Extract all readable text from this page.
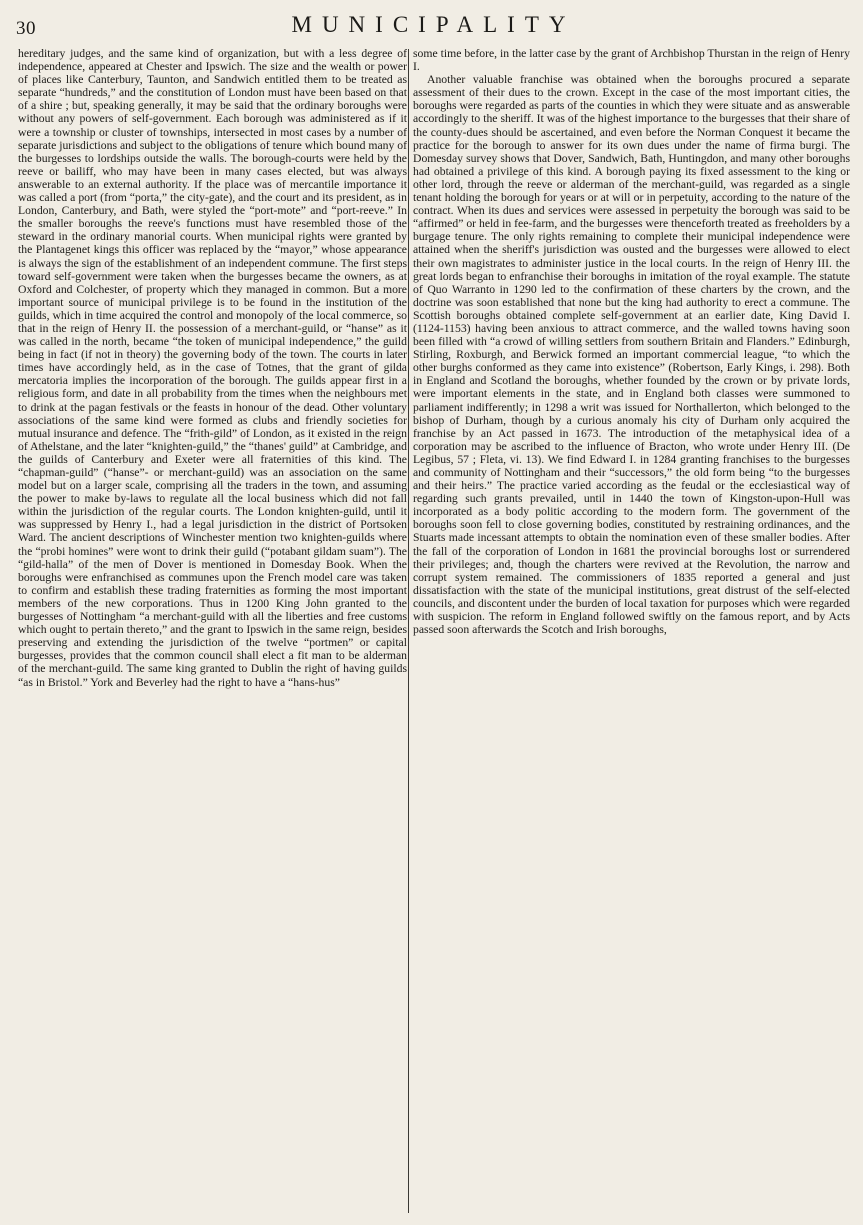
30	MUNICIPALITY

hereditary judges, and the same kind of organization, but with a less degree of independence, appeared at Chester and Ipswich. The size and the wealth or power of places like Canterbury, Taunton, and Sandwich entitled them to be treated as separate “hundreds,” and the constitution of London must have been based on that of a shire ; but, speaking generally, it may be said that the ordinary boroughs were without any powers of self-government. Each borough was administered as if it were a township or cluster of townships, intersected in most cases by a number of separate jurisdictions and subject to the obligations of tenure which bound many of the burgesses to lordships outside the walls. The borough-courts were held by the reeve or bailiff, who may have been in many cases elected, but was always answerable to an external authority. If the place was of mercantile importance it was called a port (from “porta,” the city-gate), and the court and its president, as in London, Canterbury, and Bath, were styled the “port-mote” and “port-reeve.” In the smaller boroughs the reeve's functions must have resembled those of the steward in the ordinary manorial courts. When municipal rights were granted by the Plantagenet kings this officer was replaced by the “mayor,” whose appearance is always the sign of the establishment of an independent commune. The first steps toward self-government were taken when the burgesses became the owners, as at Oxford and Colchester, of property which they managed in common. But a more important source of municipal privilege is to be found in the institution of the guilds, which in time acquired the control and monopoly of the local commerce, so that in the reign of Henry II. the possession of a merchant-guild, or “hanse” as it was called in the north, became “the token of municipal independence,” the guild being in fact (if not in theory) the governing body of the town. The courts in later times have accordingly held, as in the case of Totnes, that the grant of gilda mercatoria implies the incorporation of the borough. The guilds appear first in a religious form, and date in all probability from the times when the neighbours met to drink at the pagan festivals or the feasts in honour of the dead. Other voluntary associations of the same kind were formed as clubs and friendly societies for mutual insurance and defence. The “frith-gild” of London, as it existed in the reign of Athelstane, and the later “knighten-guild,” the “thanes' guild” at Cambridge, and the guilds of Canterbury and Exeter were all fraternities of this kind. The “chapman-guild” (“hanse”- or merchant-guild) was an association on the same model but on a larger scale, comprising all the traders in the town, and assuming the power to make by-laws to regulate all the local business which did not fall within the jurisdiction of the regular courts. The London knighten-guild, until it was suppressed by Henry I., had a legal jurisdiction in the district of Portsoken Ward. The ancient descriptions of Winchester mention two knighten-guilds where the “probi homines” were wont to drink their guild (“potabant gildam suam”). The “gild-halla” of the men of Dover is mentioned in Domesday Book. When the boroughs were enfranchised as communes upon the French model care was taken to confirm and establish these trading fraternities as forming the most important members of the new corporations. Thus in 1200 King John granted to the burgesses of Nottingham “a merchant-guild with all the liberties and free customs which ought to pertain thereto,” and the grant to Ipswich in the same reign, besides preserving and extending the jurisdiction of the twelve “portmen” or capital burgesses, provides that the common council shall elect a fit man to be alderman of the merchant-guild. The same king granted to Dublin the right of having guilds “as in Bristol.” York and Beverley had the right to have a “hans-hus”

some time before, in the latter case by the grant of Archbishop Thurstan in the reign of Henry I.

Another valuable franchise was obtained when the boroughs procured a separate assessment of their dues to the crown. Except in the case of the most important cities, the boroughs were regarded as parts of the counties in which they were situate and as answerable accordingly to the sheriff. It was of the highest importance to the burgesses that their share of the county-dues should be ascertained, and even before the Norman Conquest it became the practice for the borough to answer for its own dues under the name of firma burgi. The Domesday survey shows that Dover, Sandwich, Bath, Huntingdon, and many other boroughs had obtained a privilege of this kind. A borough paying its fixed assessment to the king or other lord, through the reeve or alderman of the merchant-guild, was regarded as a single tenant holding the borough for years or at will or in perpetuity, according to the nature of the contract. When its dues and services were assessed in perpetuity the borough was said to be “affirmed” or held in fee-farm, and the burgesses were thenceforth treated as freeholders by a burgage tenure. The only rights remaining to complete their municipal independence were attained when the sheriff's jurisdiction was ousted and the burgesses were allowed to elect their own magistrates to administer justice in the local courts. In the reign of Henry III. the great lords began to enfranchise their boroughs in imitation of the royal example. The statute of Quo Warranto in 1290 led to the confirmation of these charters by the crown, and the doctrine was soon established that none but the king had authority to erect a commune. The Scottish boroughs obtained complete self-government at an earlier date, King David I. (1124-1153) having been anxious to attract commerce, and the walled towns having soon been filled with “a crowd of willing settlers from southern Britain and Flanders.” Edinburgh, Stirling, Roxburgh, and Berwick formed an important commercial league, “to which the other burghs conformed as they came into existence” (Robertson, Early Kings, i. 298). Both in England and Scotland the boroughs, whether founded by the crown or by private lords, were important elements in the state, and in England both classes were summoned to parliament indifferently; in 1298 a writ was issued for Northallerton, which belonged to the bishop of Durham, though by a curious anomaly his city of Durham only acquired the franchise by an Act passed in 1673. The introduction of the metaphysical idea of a corporation may be ascribed to the influence of Bracton, who wrote under Henry III. (De Legibus, 57 ; Fleta, vi. 13). We find Edward I. in 1284 granting franchises to the burgesses and community of Nottingham and their “successors,” the old form being “to the burgesses and their heirs.” The practice varied according as the feudal or the ecclesiastical way of regarding such grants prevailed, until in 1440 the town of Kingston-upon-Hull was incorporated as a body politic according to the modern form. The government of the boroughs soon fell to close governing bodies, constituted by restraining ordinances, and the Stuarts made incessant attempts to obtain the nomination even of these smaller bodies. After the fall of the corporation of London in 1681 the provincial boroughs lost or surrendered their privileges; and, though the charters were revived at the Revolution, the narrow and corrupt system remained. The commissioners of 1835 reported a general and just dissatisfaction with the state of the municipal institutions, great distrust of the self-elected councils, and discontent under the burden of local taxation for purposes which were regarded with suspicion. The reform in England followed swiftly on the famous report, and by Acts passed soon afterwards the Scotch and Irish boroughs,
